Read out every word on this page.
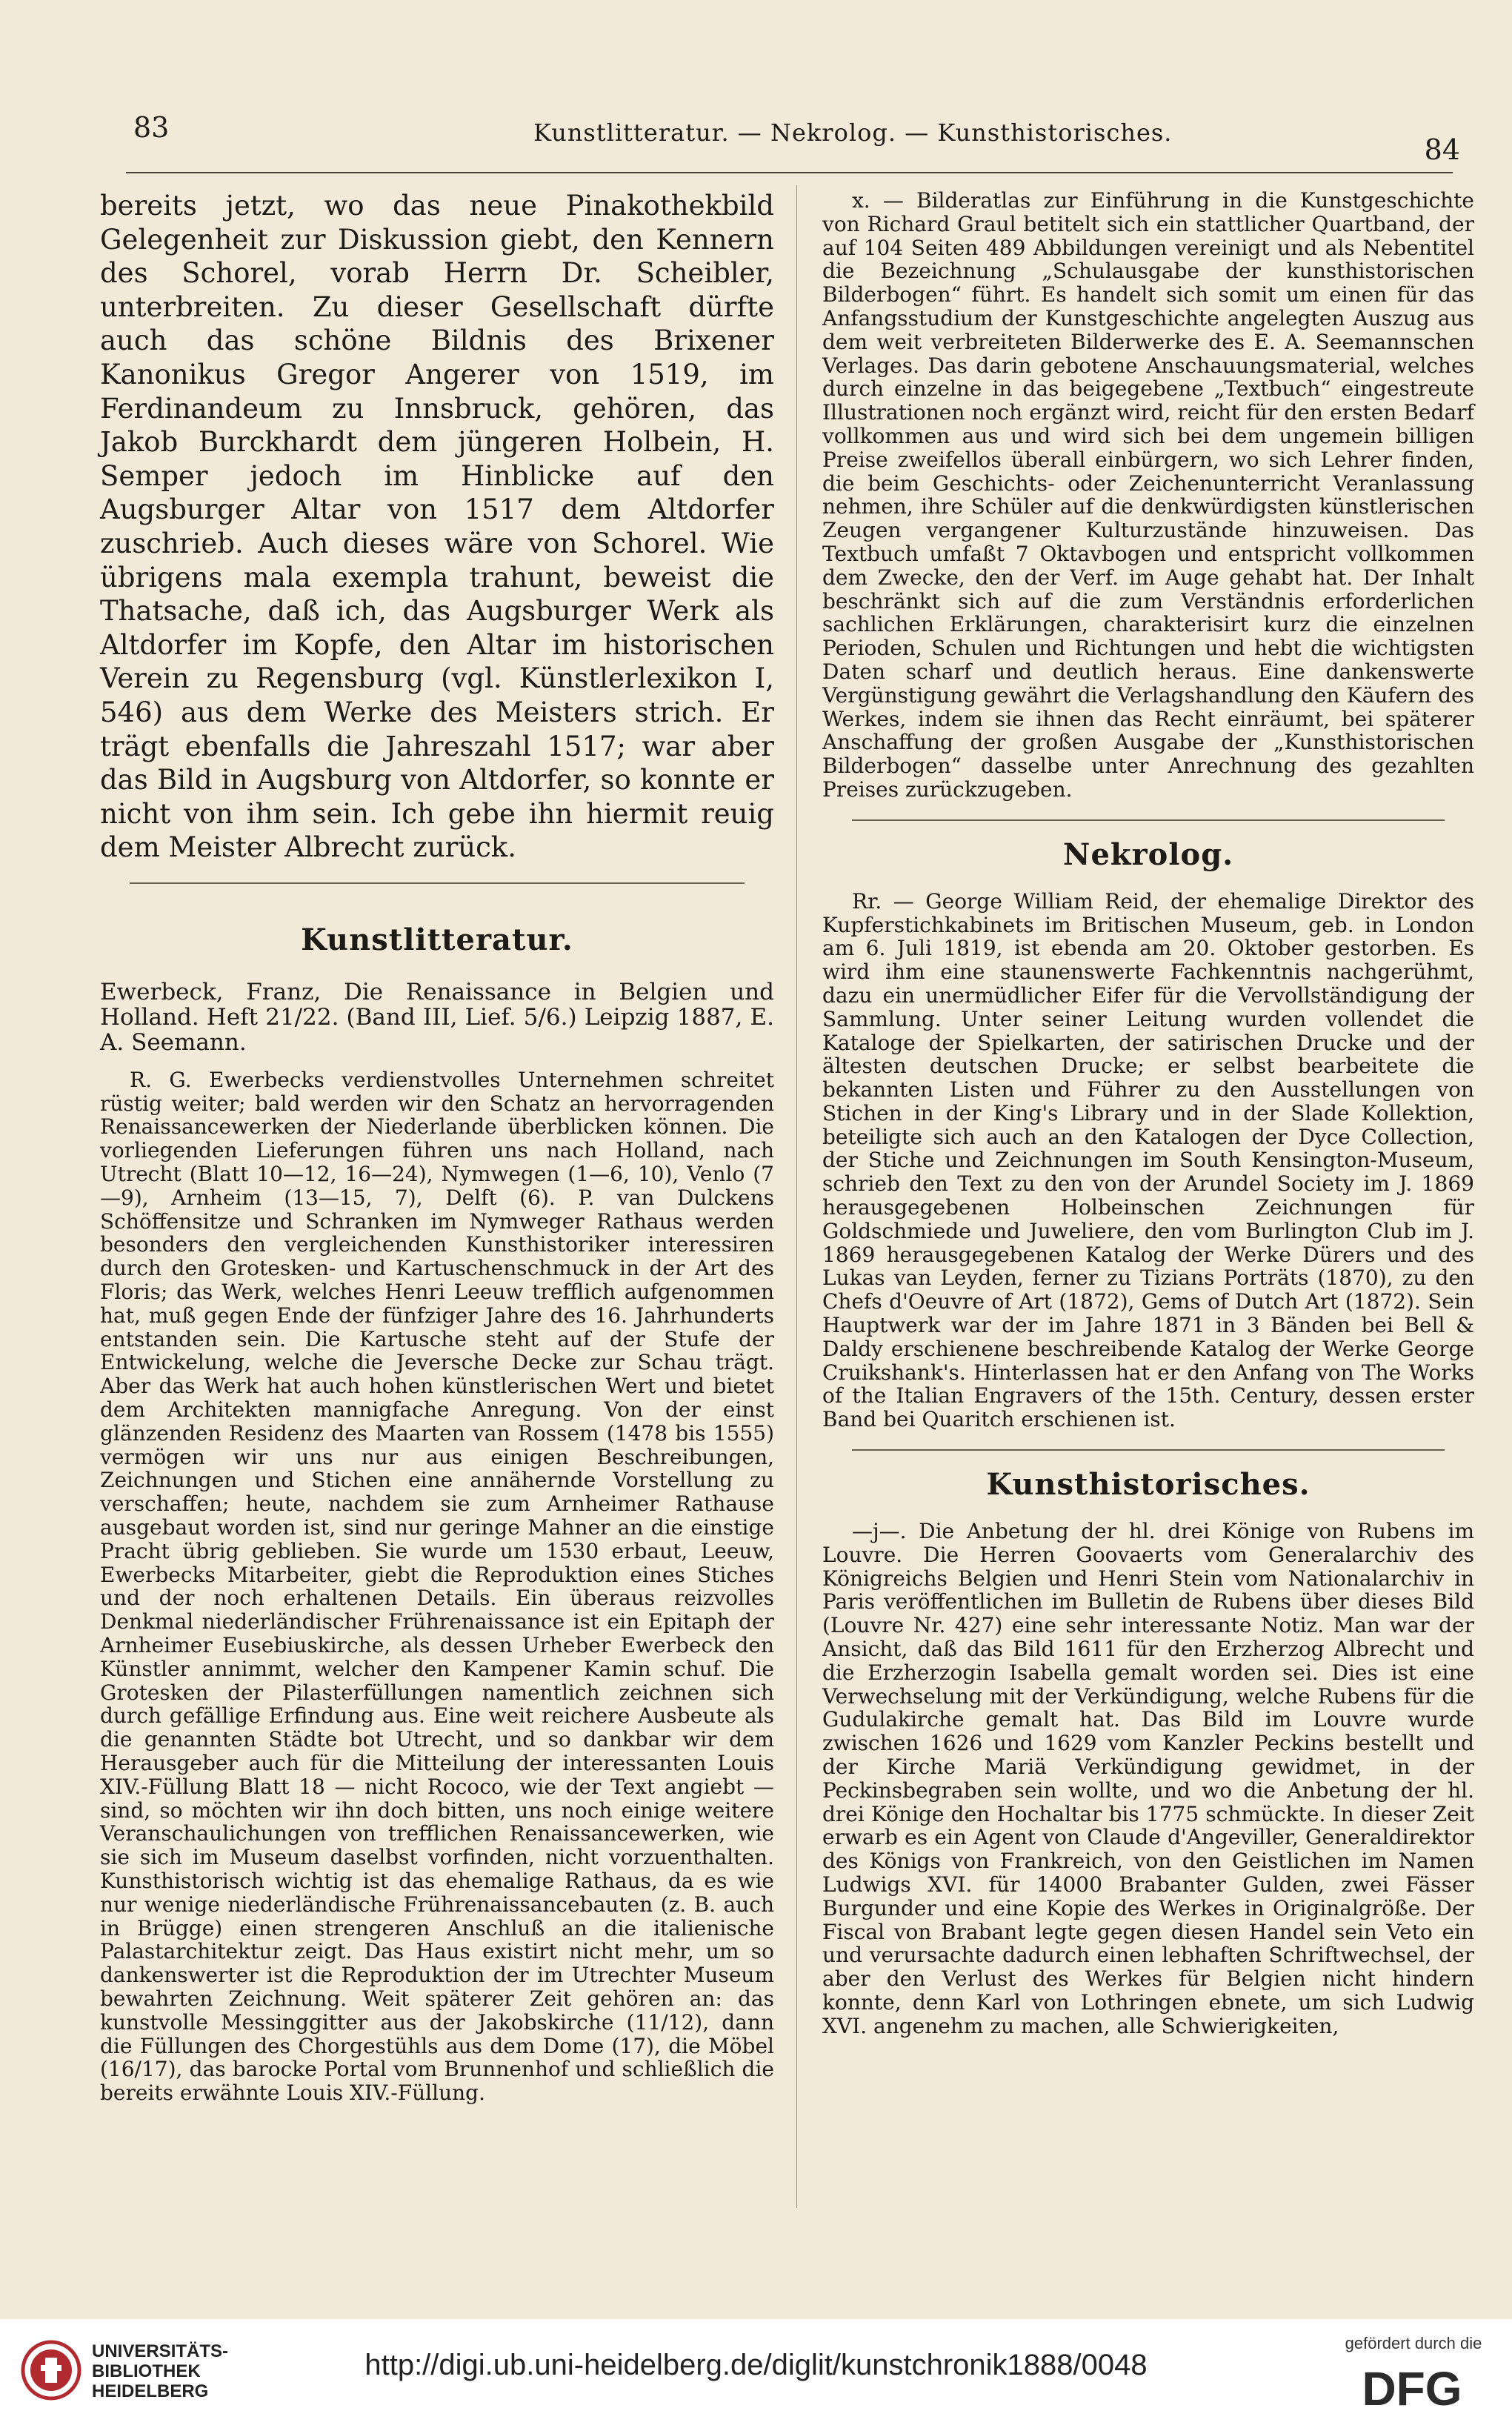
83	Kunstlitteratur. — Nekrolog. — Kunsthistorisches.
84

bereits jetzt, wo das neue Pinakothekbild Gelegenheit zur Diskussion giebt, den Kennern des Schorel, vorab Herrn Dr. Scheibler, unterbreiten. Zu dieser Gesellschaft dürfte auch das schöne Bildnis des Brixener Kanonikus Gregor Angerer von 1519, im Ferdinandeum zu Innsbruck, gehören, das Jakob Burckhardt dem jüngeren Holbein, H. Semper jedoch im Hinblicke auf den Augsburger Altar von 1517 dem Altdorfer zuschrieb. Auch dieses wäre von Schorel. Wie übrigens mala exempla trahunt, beweist die Thatsache, daß ich, das Augsburger Werk als Altdorfer im Kopfe, den Altar im historischen Verein zu Regensburg (vgl. Künstlerlexikon I, 546) aus dem Werke des Meisters strich. Er trägt ebenfalls die Jahreszahl 1517; war aber das Bild in Augsburg von Altdorfer, so konnte er nicht von ihm sein. Ich gebe ihn hiermit reuig dem Meister Albrecht zurück.

Kunstlitteratur.

Ewerbeck, Franz, Die Renaissance in Belgien und Holland. Heft 21/22. (Band III, Lief. 5/6.) Leipzig 1887, E. A. Seemann.

R. G. Ewerbecks verdienstvolles Unternehmen schreitet rüstig weiter; bald werden wir den Schatz an hervorragenden Renaissancewerken der Niederlande überblicken können. Die vorliegenden Lieferungen führen uns nach Holland, nach Utrecht (Blatt 10—12, 16—24), Nymwegen (1—6, 10), Venlo (7—9), Arnheim (13—15, 7), Delft (6). P. van Dulckens Schöffensitze und Schranken im Nymweger Rathaus werden besonders den vergleichenden Kunsthistoriker interessiren durch den Grotesken- und Kartuschenschmuck in der Art des Floris; das Werk, welches Henri Leeuw trefflich aufgenommen hat, muß gegen Ende der fünfziger Jahre des 16. Jahrhunderts entstanden sein. Die Kartusche steht auf der Stufe der Entwickelung, welche die Jeversche Decke zur Schau trägt. Aber das Werk hat auch hohen künstlerischen Wert und bietet dem Architekten mannigfache Anregung. Von der einst glänzenden Residenz des Maarten van Rossem (1478 bis 1555) vermögen wir uns nur aus einigen Beschreibungen, Zeichnungen und Stichen eine annähernde Vorstellung zu verschaffen; heute, nachdem sie zum Arnheimer Rathause ausgebaut worden ist, sind nur geringe Mahner an die einstige Pracht übrig geblieben. Sie wurde um 1530 erbaut, Leeuw, Ewerbecks Mitarbeiter, giebt die Reproduktion eines Stiches und der noch erhaltenen Details. Ein überaus reizvolles Denkmal niederländischer Frührenaissance ist ein Epitaph der Arnheimer Eusebiuskirche, als dessen Urheber Ewerbeck den Künstler annimmt, welcher den Kampener Kamin schuf. Die Grotesken der Pilasterfüllungen namentlich zeichnen sich durch gefällige Erfindung aus. Eine weit reichere Ausbeute als die genannten Städte bot Utrecht, und so dankbar wir dem Herausgeber auch für die Mitteilung der interessanten Louis XIV.-Füllung Blatt 18 — nicht Rococo, wie der Text angiebt — sind, so möchten wir ihn doch bitten, uns noch einige weitere Veranschaulichungen von trefflichen Renaissancewerken, wie sie sich im Museum daselbst vorfinden, nicht vorzuenthalten. Kunsthistorisch wichtig ist das ehemalige Rathaus, da es wie nur wenige niederländische Frührenaissancebauten (z. B. auch in Brügge) einen strengeren Anschluß an die italienische Palastarchitektur zeigt. Das Haus existirt nicht mehr, um so dankenswerter ist die Reproduktion der im Utrechter Museum bewahrten Zeichnung. Weit späterer Zeit gehören an: das kunstvolle Messinggitter aus der Jakobskirche (11/12), dann die Füllungen des Chorgestühls aus dem Dome (17), die Möbel (16/17), das barocke Portal vom Brunnenhof und schließlich die bereits erwähnte Louis XIV.-Füllung.

x. — Bilderatlas zur Einführung in die Kunstgeschichte von Richard Graul betitelt sich ein stattlicher Quartband, der auf 104 Seiten 489 Abbildungen vereinigt und als Nebentitel die Bezeichnung „Schulausgabe der kunsthistorischen Bilderbogen“ führt. Es handelt sich somit um einen für das Anfangsstudium der Kunstgeschichte angelegten Auszug aus dem weit verbreiteten Bilderwerke des E. A. Seemannschen Verlages. Das darin gebotene Anschauungsmaterial, welches durch einzelne in das beigegebene „Textbuch“ eingestreute Illustrationen noch ergänzt wird, reicht für den ersten Bedarf vollkommen aus und wird sich bei dem ungemein billigen Preise zweifellos überall einbürgern, wo sich Lehrer finden, die beim Geschichts- oder Zeichenunterricht Veranlassung nehmen, ihre Schüler auf die denkwürdigsten künstlerischen Zeugen vergangener Kulturzustände hinzuweisen. Das Textbuch umfaßt 7 Oktavbogen und entspricht vollkommen dem Zwecke, den der Verf. im Auge gehabt hat. Der Inhalt beschränkt sich auf die zum Verständnis erforderlichen sachlichen Erklärungen, charakterisirt kurz die einzelnen Perioden, Schulen und Richtungen und hebt die wichtigsten Daten scharf und deutlich heraus. Eine dankenswerte Vergünstigung gewährt die Verlagshandlung den Käufern des Werkes, indem sie ihnen das Recht einräumt, bei späterer Anschaffung der großen Ausgabe der „Kunsthistorischen Bilderbogen“ dasselbe unter Anrechnung des gezahlten Preises zurückzugeben.

Nekrolog.

Rr. — George William Reid, der ehemalige Direktor des Kupferstichkabinets im Britischen Museum, geb. in London am 6. Juli 1819, ist ebenda am 20. Oktober gestorben. Es wird ihm eine staunenswerte Fachkenntnis nachgerühmt, dazu ein unermüdlicher Eifer für die Vervollständigung der Sammlung. Unter seiner Leitung wurden vollendet die Kataloge der Spielkarten, der satirischen Drucke und der ältesten deutschen Drucke; er selbst bearbeitete die bekannten Listen und Führer zu den Ausstellungen von Stichen in der King's Library und in der Slade Kollektion, beteiligte sich auch an den Katalogen der Dyce Collection, der Stiche und Zeichnungen im South Kensington-Museum, schrieb den Text zu den von der Arundel Society im J. 1869 herausgegebenen Holbeinschen Zeichnungen für Goldschmiede und Juweliere, den vom Burlington Club im J. 1869 herausgegebenen Katalog der Werke Dürers und des Lukas van Leyden, ferner zu Tizians Porträts (1870), zu den Chefs d'Oeuvre of Art (1872), Gems of Dutch Art (1872). Sein Hauptwerk war der im Jahre 1871 in 3 Bänden bei Bell & Daldy erschienene beschreibende Katalog der Werke George Cruikshank's. Hinterlassen hat er den Anfang von The Works of the Italian Engravers of the 15th. Century, dessen erster Band bei Quaritch erschienen ist.

Kunsthistorisches.

—j—. Die Anbetung der hl. drei Könige von Rubens im Louvre. Die Herren Goovaerts vom Generalarchiv des Königreichs Belgien und Henri Stein vom Nationalarchiv in Paris veröffentlichen im Bulletin de Rubens über dieses Bild (Louvre Nr. 427) eine sehr interessante Notiz. Man war der Ansicht, daß das Bild 1611 für den Erzherzog Albrecht und die Erzherzogin Isabella gemalt worden sei. Dies ist eine Verwechselung mit der Verkündigung, welche Rubens für die Gudulakirche gemalt hat. Das Bild im Louvre wurde zwischen 1626 und 1629 vom Kanzler Peckins bestellt und der Kirche Mariä Verkündigung gewidmet, in der Peckinsbegraben sein wollte, und wo die Anbetung der hl. drei Könige den Hochaltar bis 1775 schmückte. In dieser Zeit erwarb es ein Agent von Claude d'Angeviller, Generaldirektor des Königs von Frankreich, von den Geistlichen im Namen Ludwigs XVI. für 14000 Brabanter Gulden, zwei Fässer Burgunder und eine Kopie des Werkes in Originalgröße. Der Fiscal von Brabant legte gegen diesen Handel sein Veto ein und verursachte dadurch einen lebhaften Schriftwechsel, der aber den Verlust des Werkes für Belgien nicht hindern konnte, denn Karl von Lothringen ebnete, um sich Ludwig XVI. angenehm zu machen, alle Schwierigkeiten,

UNIVERSITÄTS-
BIBLIOTHEK
HEIDELBERG
http://digi.ub.uni-heidelberg.de/diglit/kunstchronik1888/0048
gefördert durch die
DFG
